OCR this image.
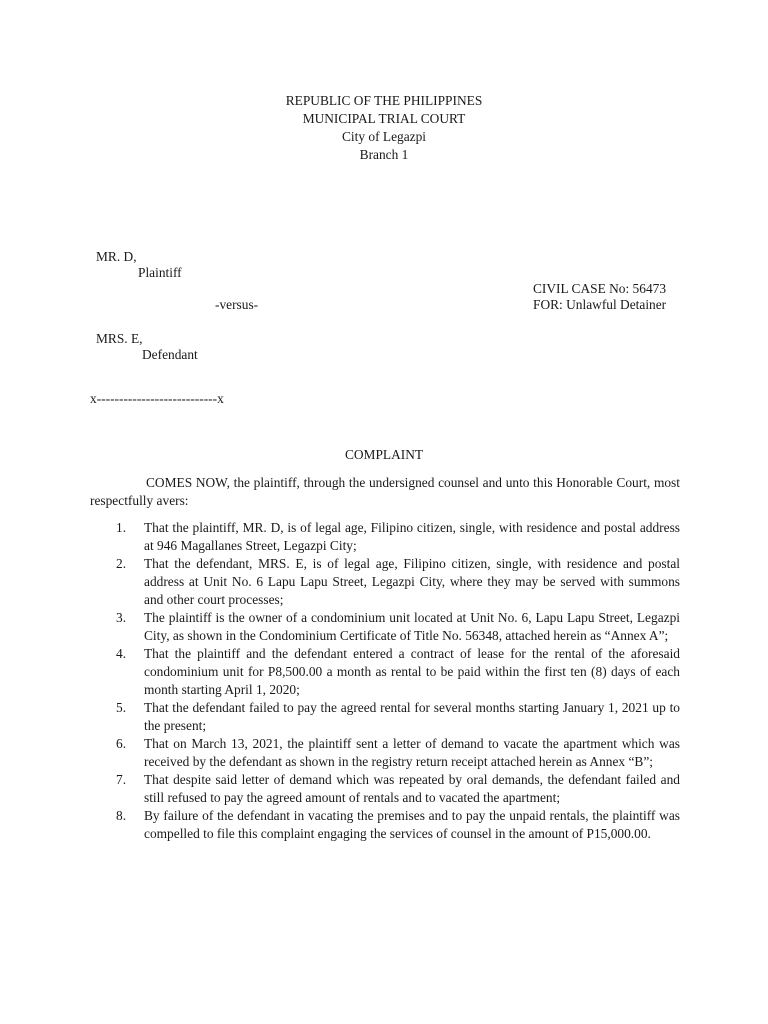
REPUBLIC OF THE PHILIPPINES
MUNICIPAL TRIAL COURT
City of Legazpi
Branch 1
MR. D,
Plaintiff
CIVIL CASE No: 56473
-versus-	FOR: Unlawful Detainer
MRS. E,
Defendant
x---------------------------x
COMPLAINT
COMES NOW, the plaintiff, through the undersigned counsel and unto this Honorable Court, most respectfully avers:
1. That the plaintiff, MR. D, is of legal age, Filipino citizen, single, with residence and postal address at 946 Magallanes Street, Legazpi City;
2. That the defendant, MRS. E, is of legal age, Filipino citizen, single, with residence and postal address at Unit No. 6 Lapu Lapu Street, Legazpi City, where they may be served with summons and other court processes;
3. The plaintiff is the owner of a condominium unit located at Unit No. 6, Lapu Lapu Street, Legazpi City, as shown in the Condominium Certificate of Title No. 56348, attached herein as “Annex A”;
4. That the plaintiff and the defendant entered a contract of lease for the rental of the aforesaid condominium unit for P8,500.00 a month as rental to be paid within the first ten (8) days of each month starting April 1, 2020;
5. That the defendant failed to pay the agreed rental for several months starting January 1, 2021 up to the present;
6. That on March 13, 2021, the plaintiff sent a letter of demand to vacate the apartment which was received by the defendant as shown in the registry return receipt attached herein as Annex “B”;
7. That despite said letter of demand which was repeated by oral demands, the defendant failed and still refused to pay the agreed amount of rentals and to vacated the apartment;
8. By failure of the defendant in vacating the premises and to pay the unpaid rentals, the plaintiff was compelled to file this complaint engaging the services of counsel in the amount of P15,000.00.
